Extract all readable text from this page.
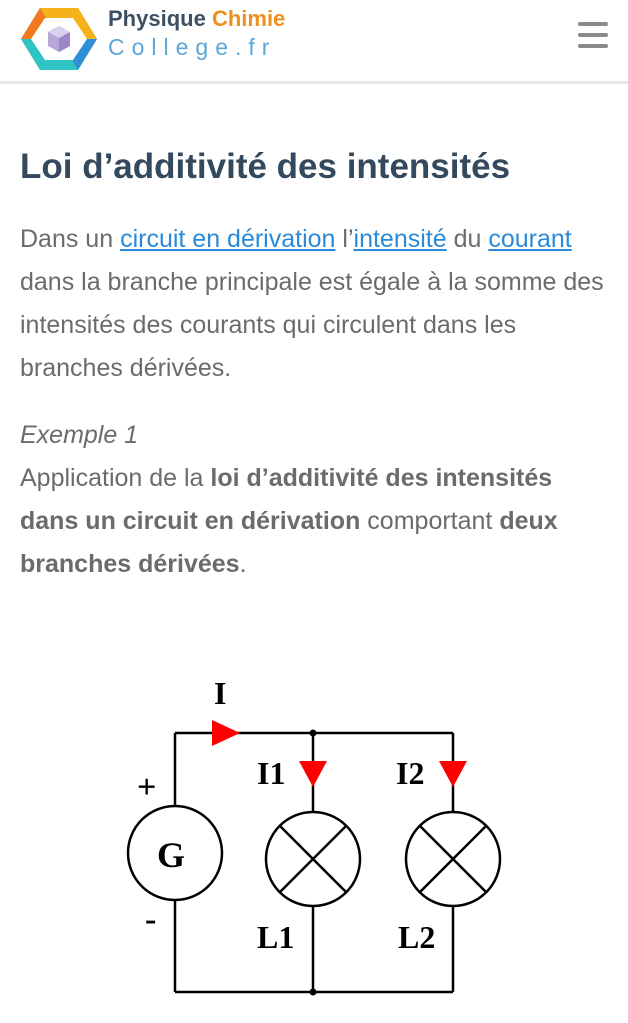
Physique Chimie
College.fr
Loi d’additivité des intensités

Dans un circuit en dérivation l’intensité du courant dans la branche principale est égale à la somme des intensités des courants qui circulent dans les branches dérivées.

Exemple 1
Application de la loi d’additivité des intensités dans un circuit en dérivation comportant deux branches dérivées.
I
+
-
G
I1	I2
L1	L2
